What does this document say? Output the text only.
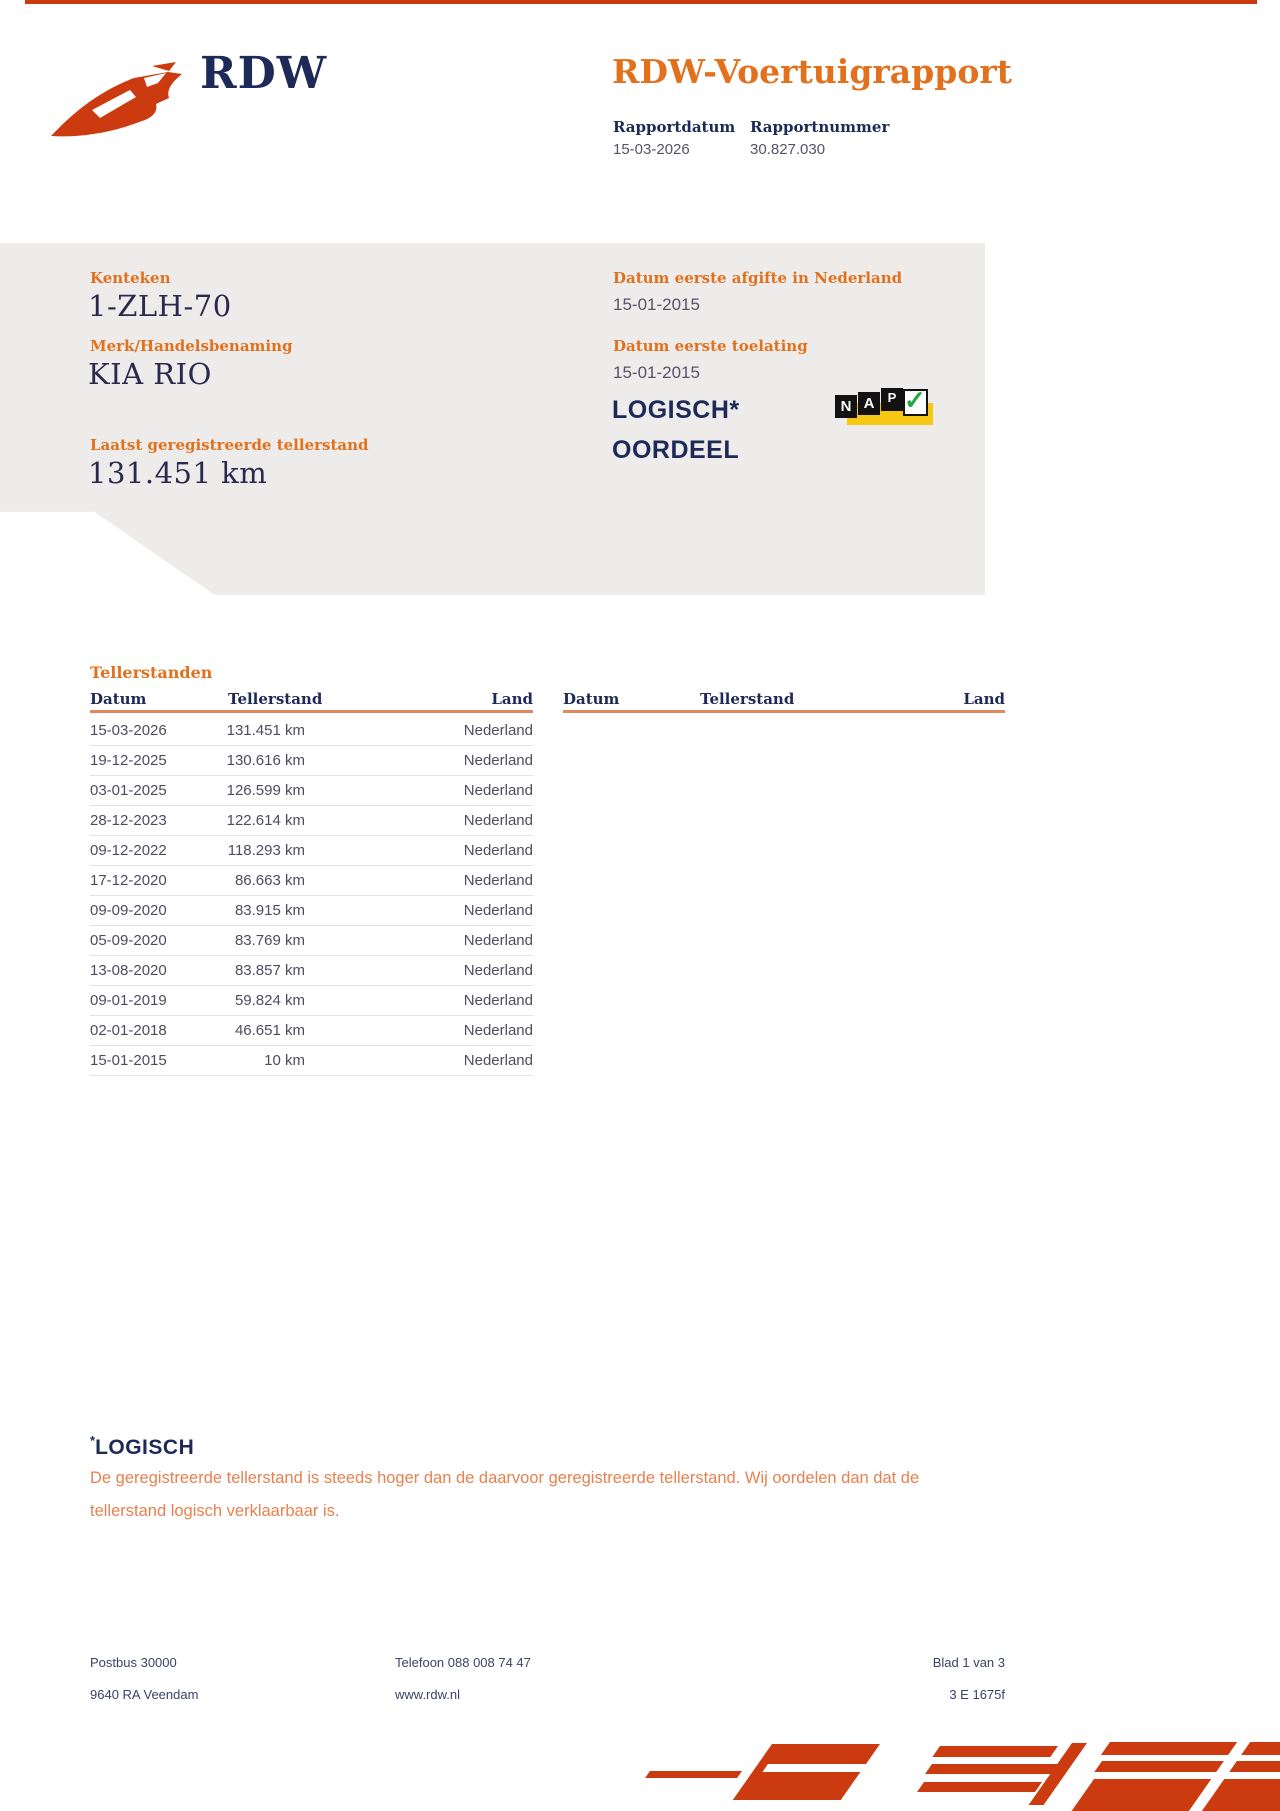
RDW	RDW-Voertuigrapport
Rapportdatum Rapportnummer
15-03-2026	30.827.030
Kenteken
1-ZLH-70
Merk/Handelsbenaming
KIA RIO
Laatst geregistreerde tellerstand
131.451 km
Datum eerste afgifte in Nederland
15-01-2015
Datum eerste toelating
15-01-2015
LOGISCH*
OORDEEL
N A	P ✓
Tellerstanden
Datum	Tellerstand	Land Datum	Tellerstand	Land
15-03-2026	131.451 km	Nederland
19-12-2025	130.616 km	Nederland
03-01-2025	126.599 km	Nederland
28-12-2023	122.614 km	Nederland
09-12-2022	118.293 km	Nederland
17-12-2020	86.663 km	Nederland
09-09-2020	83.915 km	Nederland
05-09-2020	83.769 km	Nederland
13-08-2020	83.857 km	Nederland
09-01-2019	59.824 km	Nederland
02-01-2018	46.651 km	Nederland
15-01-2015	10 km	Nederland
*LOGISCH
De geregistreerde tellerstand is steeds hoger dan de daarvoor geregistreerde tellerstand. Wij oordelen dan dat de tellerstand logisch verklaarbaar is.
Postbus 30000
9640 RA Veendam
Telefoon 088 008 74 47
www.rdw.nl
Blad 1 van 3
3 E 1675f
